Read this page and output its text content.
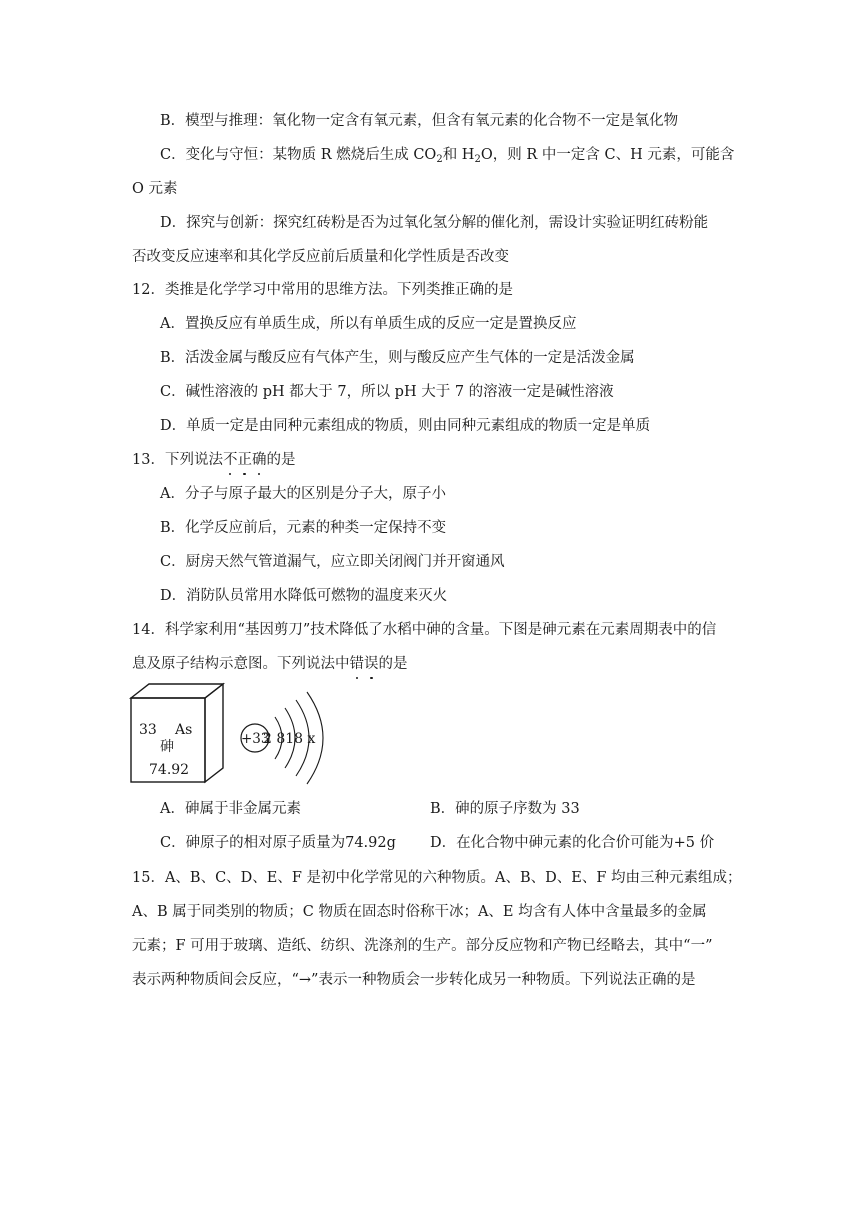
B．模型与推理：氧化物一定含有氧元素，但含有氧元素的化合物不一定是氧化物
C．变化与守恒：某物质 R 燃烧后生成 $CO_2$和 $H_2O$，则 R 中一定含 C、H 元素，可能含
O 元素
D．探究与创新：探究红砖粉是否为过氧化氢分解的催化剂，需设计实验证明红砖粉能
否改变反应速率和其化学反应前后质量和化学性质是否改变
12．类推是化学学习中常用的思维方法。下列类推正确的是
A．置换反应有单质生成，所以有单质生成的反应一定是置换反应
B．活泼金属与酸反应有气体产生，则与酸反应产生气体的一定是活泼金属
C．碱性溶液的 pH 都大于 7，所以 pH 大于 7 的溶液一定是碱性溶液
D．单质一定是由同种元素组成的物质，则由同种元素组成的物质一定是单质
13．下列说法不正确的是
A．分子与原子最大的区别是分子大，原子小
B．化学反应前后，元素的种类一定保持不变
C．厨房天然气管道漏气，应立即关闭阀门并开窗通风
D．消防队员常用水降低可燃物的温度来灭火
14．科学家利用“基因剪刀”技术降低了水稻中砷的含量。下图是砷元素在元素周期表中的信
息及原子结构示意图。下列说法中错误的是
33 As
砷
74.92
+33
2 818 x
A．砷属于非金属元素	B．砷的原子序数为 33
C．砷原子的相对原子质量为74.92g D．在化合物中砷元素的化合价可能为+5 价
15．A、B、C、D、E、F 是初中化学常见的六种物质。A、B、D、E、F 均由三种元素组成；
A、B 属于同类别的物质；C 物质在固态时俗称干冰；A、E 均含有人体中含量最多的金属
元素；F 可用于玻璃、造纸、纺织、洗涤剂的生产。部分反应物和产物已经略去，其中“一”
表示两种物质间会反应，“→”表示一种物质会一步转化成另一种物质。下列说法正确的是
